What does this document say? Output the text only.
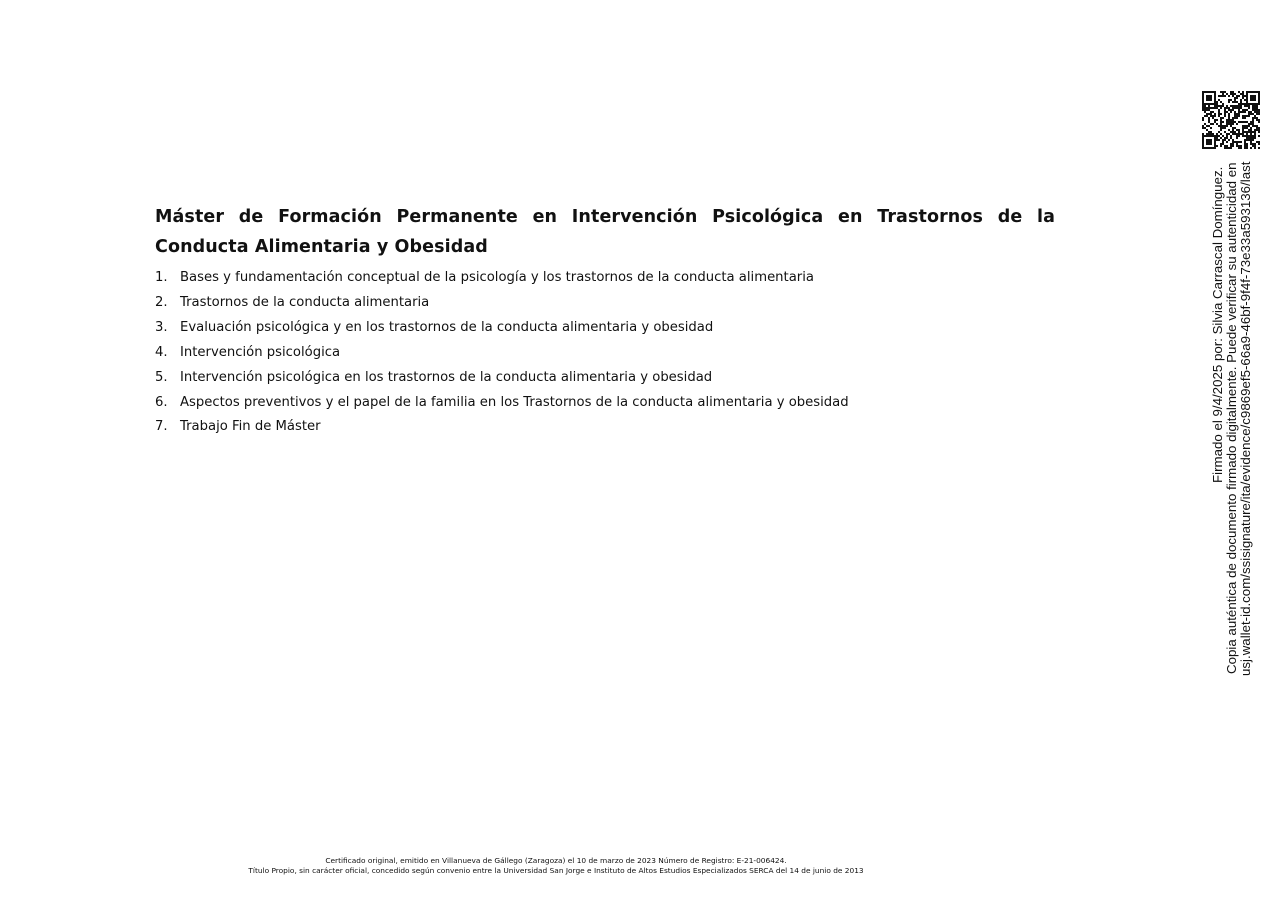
Máster de Formación Permanente en Intervención Psicológica en Trastornos de la Conducta Alimentaria y Obesidad
1. Bases y fundamentación conceptual de la psicología y los trastornos de la conducta alimentaria
2. Trastornos de la conducta alimentaria
3. Evaluación psicológica y en los trastornos de la conducta alimentaria y obesidad
4. Intervención psicológica
5. Intervención psicológica en los trastornos de la conducta alimentaria y obesidad
6. Aspectos preventivos y el papel de la familia en los Trastornos de la conducta alimentaria y obesidad
7. Trabajo Fin de Máster
Certificado original, emitido en Villanueva de Gállego (Zaragoza) el 10 de marzo de 2023 Número de Registro: E-21-006424.
Título Propio, sin carácter oficial, concedido según convenio entre la Universidad San Jorge e Instituto de Altos Estudios Especializados SERCA del 14 de junio de 2013
Firmado el 9/4/2025 por: Silvia Carrascal Domínguez. Copia auténtica de documento firmado digitalmente. Puede verificar su autenticidad en usj.wallet-id.com/ssisignature/ita/evidence/c9869ef5-66a9-46bf-9f4f-73e33a593136/last
